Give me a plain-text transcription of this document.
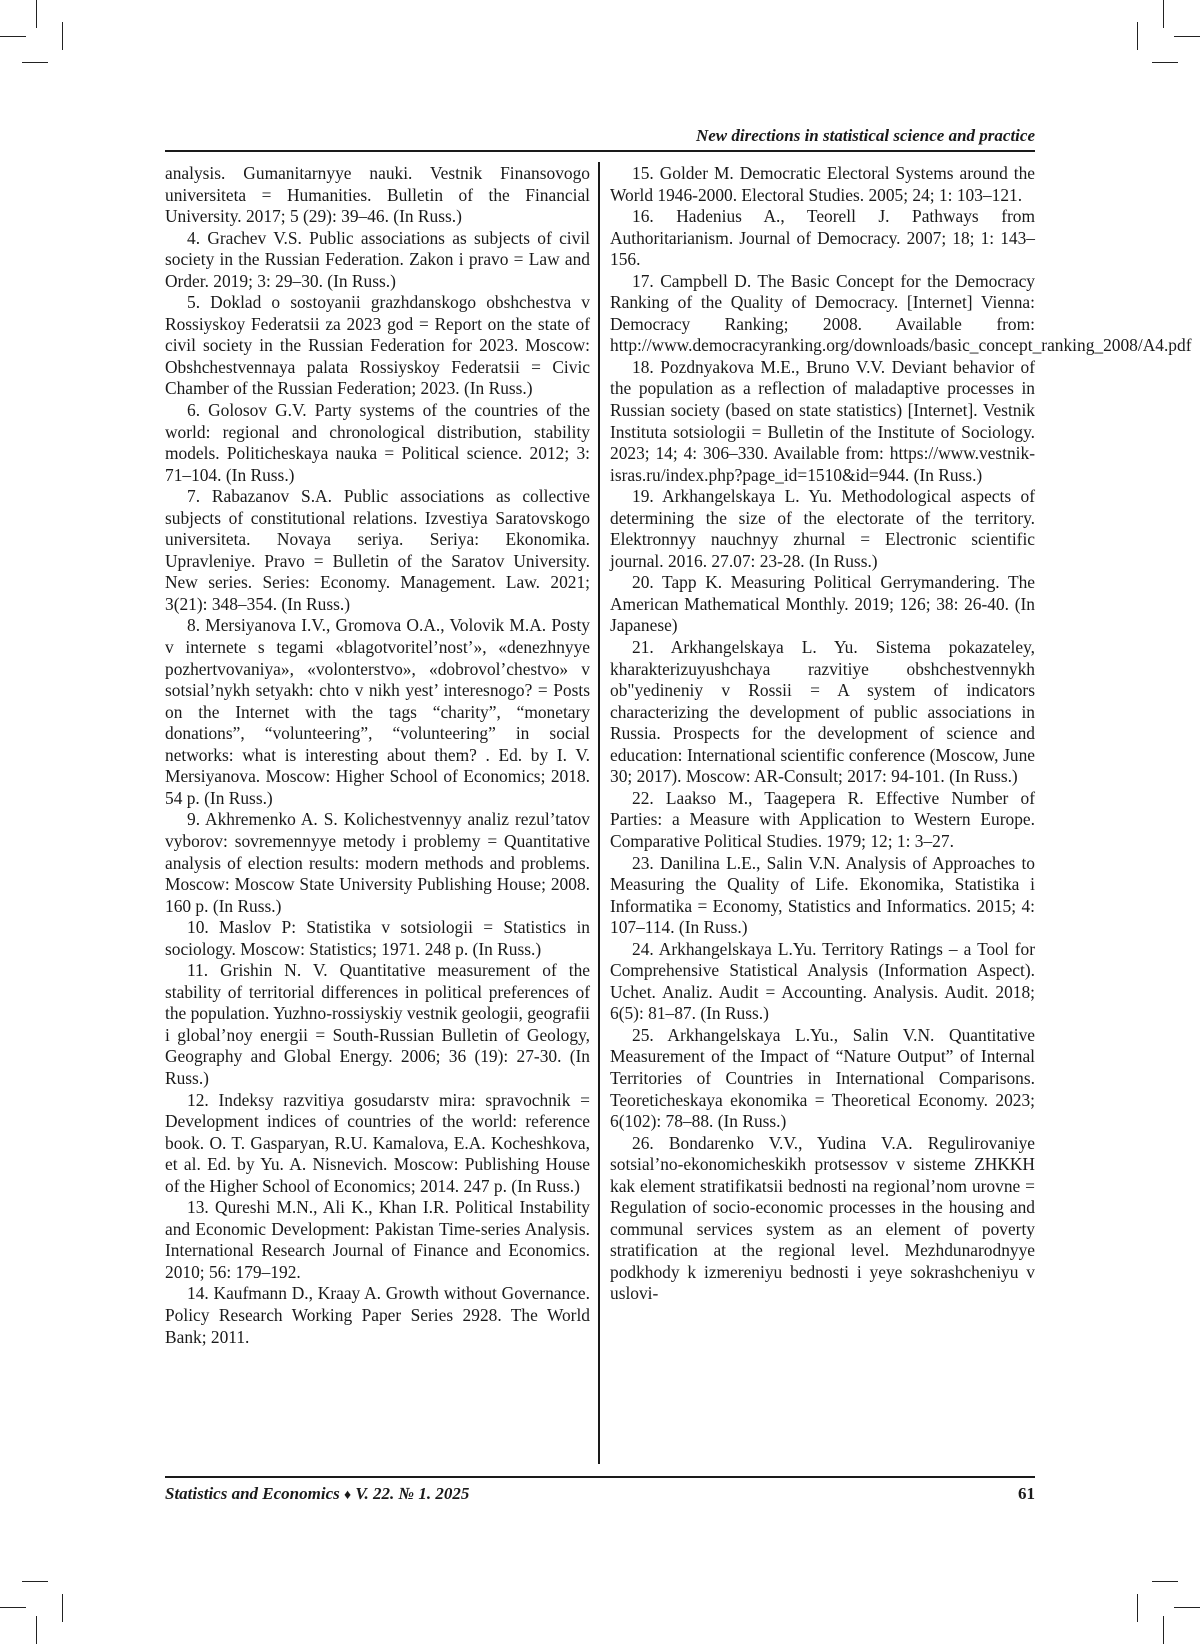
New directions in statistical science and practice

analysis. Gumanitarnyye nauki. Vestnik Finansovogo universiteta = Humanities. Bulletin of the Financial University. 2017; 5 (29): 39–46. (In Russ.)

4. Grachev V.S. Public associations as subjects of civil society in the Russian Federation. Zakon i pravo = Law and Order. 2019; 3: 29–30. (In Russ.)

5. Doklad o sostoyanii grazhdanskogo obshchestva v Rossiyskoy Federatsii za 2023 god = Report on the state of civil society in the Russian Federation for 2023. Moscow: Obshchestvennaya palata Rossiyskoy Federatsii = Civic Chamber of the Russian Federation; 2023. (In Russ.)

6. Golosov G.V. Party systems of the countries of the world: regional and chronological distribution, stability models. Politicheskaya nauka = Political science. 2012; 3: 71–104. (In Russ.)

7. Rabazanov S.A. Public associations as collective subjects of constitutional relations. Izvestiya Saratovskogo universiteta. Novaya seriya. Seriya: Ekonomika. Upravleniye. Pravo = Bulletin of the Saratov University. New series. Series: Economy. Management. Law. 2021; 3(21): 348–354. (In Russ.)

8. Mersiyanova I.V., Gromova O.A., Volovik M.A. Posty v internete s tegami «blagotvoritel’nost’», «denezhnyye pozhertvovaniya», «volonterstvo», «dobrovol’chestvo» v sotsial’nykh setyakh: chto v nikh yest’ interesnogo? = Posts on the Internet with the tags “charity”, “monetary donations”, “volunteering”, “volunteering” in social networks: what is interesting about them? . Ed. by I. V. Mersiyanova. Moscow: Higher School of Economics; 2018. 54 p. (In Russ.)

9. Akhremenko A. S. Kolichestvennyy analiz rezul’tatov vyborov: sovremennyye metody i problemy = Quantitative analysis of election results: modern methods and problems. Moscow: Moscow State University Publishing House; 2008. 160 p. (In Russ.)

10. Maslov P: Statistika v sotsiologii = Statistics in sociology. Moscow: Statistics; 1971. 248 p. (In Russ.)

11. Grishin N. V. Quantitative measurement of the stability of territorial differences in political preferences of the population. Yuzhno-rossiyskiy vestnik geologii, geografii i global’noy energii = South-Russian Bulletin of Geology, Geography and Global Energy. 2006; 36 (19): 27-30. (In Russ.)

12. Indeksy razvitiya gosudarstv mira: spravochnik = Development indices of countries of the world: reference book. O. T. Gasparyan, R.U. Kamalova, E.A. Kocheshkova, et al. Ed. by Yu. A. Nisnevich. Moscow: Publishing House of the Higher School of Economics; 2014. 247 p. (In Russ.)

13. Qureshi M.N., Ali K., Khan I.R. Political Instability and Economic Development: Pakistan Time-series Analysis. International Research Journal of Finance and Economics. 2010; 56: 179–192.

14. Kaufmann D., Kraay A. Growth without Governance. Policy Research Working Paper Series 2928. The World Bank; 2011.

15. Golder M. Democratic Electoral Systems around the World 1946-2000. Electoral Studies. 2005; 24; 1: 103–121.

16. Hadenius A., Teorell J. Pathways from Authoritarianism. Journal of Democracy. 2007; 18; 1: 143–156.

17. Campbell D. The Basic Concept for the Democracy Ranking of the Quality of Democracy. [Internet] Vienna: Democracy Ranking; 2008. Available from: http://www.democracyranking.org/downloads/basic_concept_ranking_2008/A4.pdf

18. Pozdnyakova M.E., Bruno V.V. Deviant behavior of the population as a reflection of maladaptive processes in Russian society (based on state statistics) [Internet]. Vestnik Instituta sotsiologii = Bulletin of the Institute of Sociology. 2023; 14; 4: 306–330. Available from: https://www.vestnik-isras.ru/index.php?page_id=1510&id=944. (In Russ.)

19. Arkhangelskaya L. Yu. Methodological aspects of determining the size of the electorate of the territory. Elektronnyy nauchnyy zhurnal = Electronic scientific journal. 2016. 27.07: 23-28. (In Russ.)

20. Tapp K. Measuring Political Gerrymandering. The American Mathematical Monthly. 2019; 126; 38: 26-40. (In Japanese)

21. Arkhangelskaya L. Yu. Sistema pokazateley, kharakterizuyushchaya razvitiye obshchestvennykh ob"yedineniy v Rossii = A system of indicators characterizing the development of public associations in Russia. Prospects for the development of science and education: International scientific conference (Moscow, June 30; 2017). Moscow: AR-Consult; 2017: 94-101. (In Russ.)

22. Laakso M., Taagepera R. Effective Number of Parties: a Measure with Application to Western Europe. Comparative Political Studies. 1979; 12; 1: 3–27.

23. Danilina L.E., Salin V.N. Analysis of Approaches to Measuring the Quality of Life. Ekonomika, Statistika i Informatika = Economy, Statistics and Informatics. 2015; 4: 107–114. (In Russ.)

24. Arkhangelskaya L.Yu. Territory Ratings – a Tool for Comprehensive Statistical Analysis (Information Aspect). Uchet. Analiz. Audit = Accounting. Analysis. Audit. 2018; 6(5): 81–87. (In Russ.)

25. Arkhangelskaya L.Yu., Salin V.N. Quantitative Measurement of the Impact of “Nature Output” of Internal Territories of Countries in International Comparisons. Teoreticheskaya ekonomika = Theoretical Economy. 2023; 6(102): 78–88. (In Russ.)

26. Bondarenko V.V., Yudina V.A. Regulirovaniye sotsial’no-ekonomicheskikh protsessov v sisteme ZHKKH kak element stratifikatsii bednosti na regional’nom urovne = Regulation of socio-economic processes in the housing and communal services system as an element of poverty stratification at the regional level. Mezhdunarodnyye podkhody k izmereniyu bednosti i yeye sokrashcheniyu v uslovi-

Statistics and Economics ♦ V. 22. № 1. 2025	61
